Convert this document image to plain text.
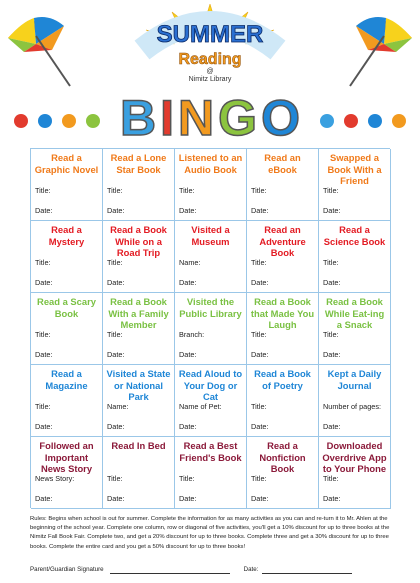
SUMMER
Reading
@
Nimitz Library
B I N G O
Read a Graphic Novel
Title:
Date:
Read a Lone Star Book
Title:
Date:
Listened to an Audio Book
Title:
Date:
Read an eBook
Title:
Date:
Swapped a Book With a Friend
Title:
Date:
Read a Mystery
Title:
Date:
Read a Book While on a Road Trip
Title:
Date:
Visited a Museum
Name:
Date:
Read an Adventure Book
Title:
Date:
Read a Science Book
Title:
Date:
Read a Scary Book
Title:
Date:
Read a Book With a Family Member
Title:
Date:
Visited the Public Library
Branch:
Date:
Read a Book that Made You Laugh
Title:
Date:
Read a Book While Eat-ing a Snack
Title:
Date:
Read a Magazine
Title:
Date:
Visited a State or National Park
Name:
Date:
Read Aloud to Your Dog or Cat
Name of Pet:
Date:
Read a Book of Poetry
Title:
Date:
Kept a Daily Journal
Number of pages:
Date:
Followed an Important News Story
News Story:
Date:
Read In Bed
Title:
Date:
Read a Best Friend's Book
Title:
Date:
Read a Nonfiction Book
Title:
Date:
Downloaded Overdrive App to Your Phone
Title:
Date:
Rules: Begins when school is out for summer. Complete the information for as many activities as you can and re-turn it to Mr. Ahlen at the beginning of the school year. Complete one column, row or diagonal of five activities, you'll get a 10% discount for up to three books at the Nimitz Fall Book Fair. Complete two, and get a 20% discount for up to three books. Complete three and get a 30% discount for up to three books. Complete the entire card and you get a 50% discount for up to three books!
Parent/Guardian Signature	Date:
